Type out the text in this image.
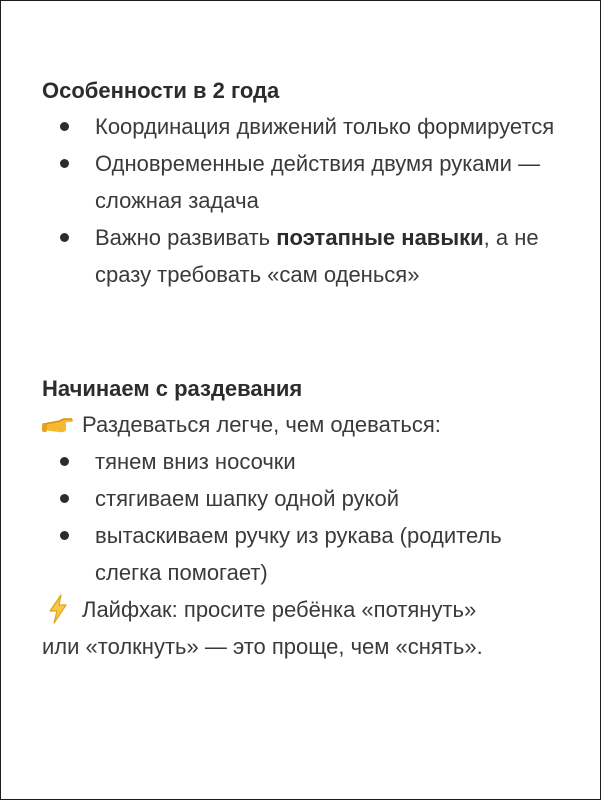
Особенности в 2 года
Координация движений только формируется
Одновременные действия двумя руками — сложная задача
Важно развивать поэтапные навыки, а не сразу требовать «сам оденься»
Начинаем с раздевания
Раздеваться легче, чем одеваться:
тянем вниз носочки
стягиваем шапку одной рукой
вытаскиваем ручку из рукава (родитель слегка помогает)
Лайфхак: просите ребёнка «потянуть»
или «толкнуть» — это проще, чем «снять».
